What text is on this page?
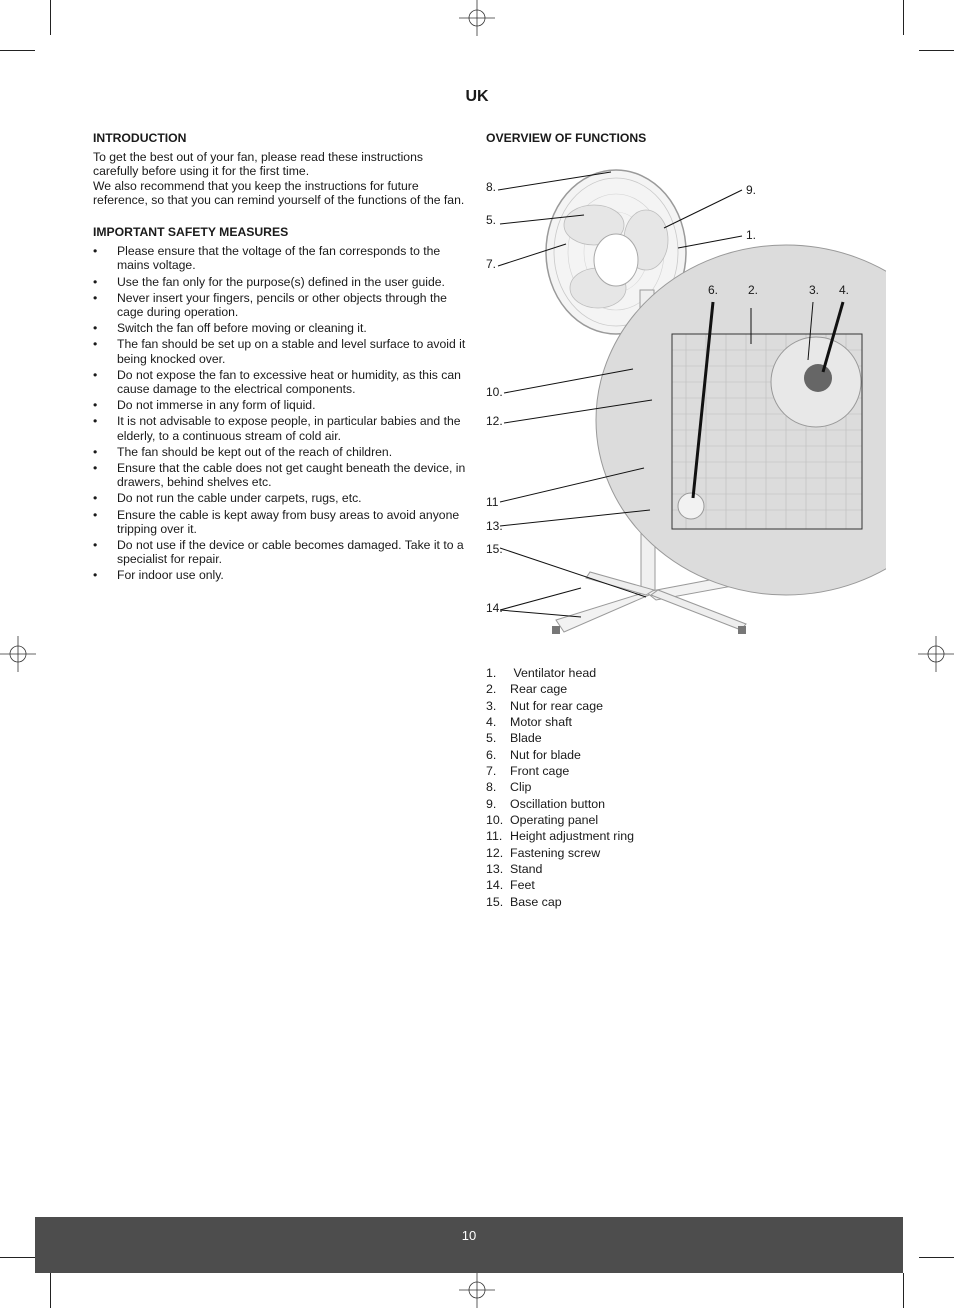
UK
INTRODUCTION

To get the best out of your fan, please read these instructions carefully before using it for the first time.
We also recommend that you keep the instructions for future reference, so that you can remind yourself of the functions of the fan.

IMPORTANT SAFETY MEASURES
• Please ensure that the voltage of the fan corresponds to the mains voltage.
• Use the fan only for the purpose(s) defined in the user guide.
• Never insert your fingers, pencils or other objects through the cage during operation.
• Switch the fan off before moving or cleaning it.
• The fan should be set up on a stable and level surface to avoid it being knocked over.
• Do not expose the fan to excessive heat or humidity, as this can cause damage to the electrical components.
• Do not immerse in any form of liquid.
• It is not advisable to expose people, in particular babies and the elderly, to a continuous stream of cold air.
• The fan should be kept out of the reach of children.
• Ensure that the cable does not get caught beneath the device, in drawers, behind shelves etc.
• Do not run the cable under carpets, rugs, etc.
• Ensure the cable is kept away from busy areas to avoid anyone tripping over it.
• Do not use if the device or cable becomes damaged. Take it to a specialist for repair.
• For indoor use only.
OVERVIEW OF FUNCTIONS
8.
5.
7.
9.
1.
6. 2.	3. 4.
10.
12.
11
13.
15.
14.
1. Ventilator head
2. Rear cage
3. Nut for rear cage
4. Motor shaft
5. Blade
6. Nut for blade
7. Front cage
8. Clip
9. Oscillation button
10. Operating panel
11. Height adjustment ring
12. Fastening screw
13. Stand
14. Feet
15. Base cap
10
